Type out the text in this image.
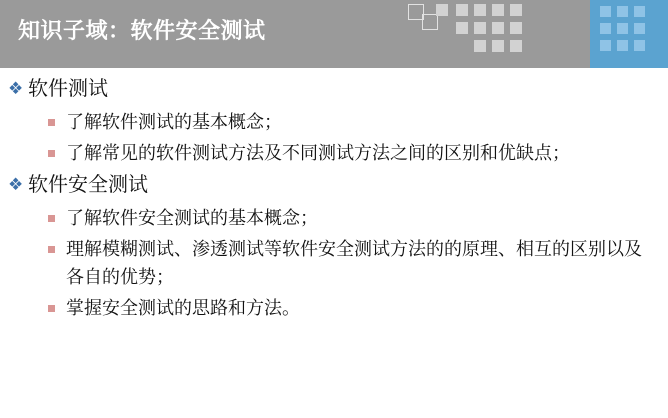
知识子域：软件安全测试
❖ 软件测试
了解软件测试的基本概念；
了解常见的软件测试方法及不同测试方法之间的区别和优缺点；
❖ 软件安全测试
了解软件安全测试的基本概念；
理解模糊测试、渗透测试等软件安全测试方法的的原理、相互的区别以及各自的优势；
掌握安全测试的思路和方法。
